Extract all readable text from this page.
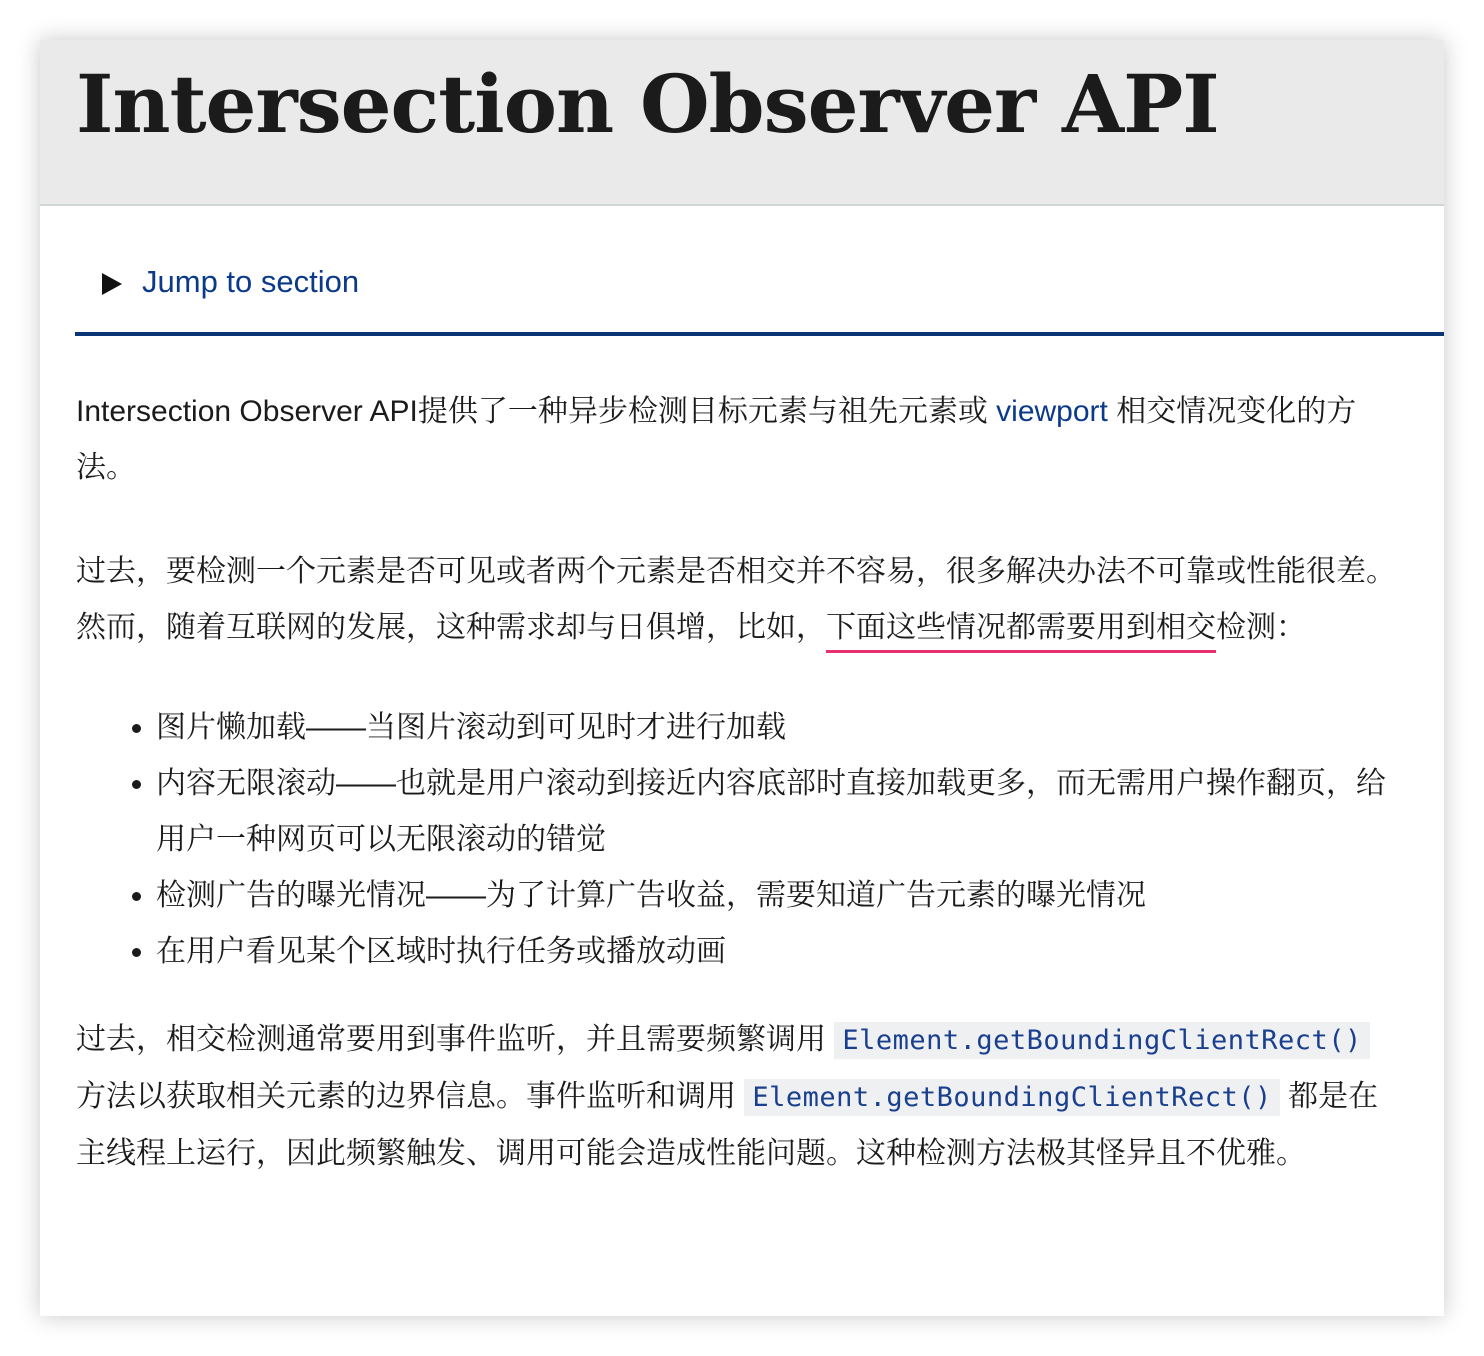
Intersection Observer API
Jump to section

Intersection Observer API提供了一种异步检测目标元素与祖先元素或 viewport 相交情况变化的方法。

过去，要检测一个元素是否可见或者两个元素是否相交并不容易，很多解决办法不可靠或性能很差。然而，随着互联网的发展，这种需求却与日俱增，比如，下面这些情况都需要用到相交检测：

• 图片懒加载——当图片滚动到可见时才进行加载
• 内容无限滚动——也就是用户滚动到接近内容底部时直接加载更多，而无需用户操作翻页，给用户一种网页可以无限滚动的错觉
• 检测广告的曝光情况——为了计算广告收益，需要知道广告元素的曝光情况
• 在用户看见某个区域时执行任务或播放动画

过去，相交检测通常要用到事件监听，并且需要频繁调用 Element.getBoundingClientRect() 方法以获取相关元素的边界信息。事件监听和调用 Element.getBoundingClientRect() 都是在主线程上运行，因此频繁触发、调用可能会造成性能问题。这种检测方法极其怪异且不优雅。
